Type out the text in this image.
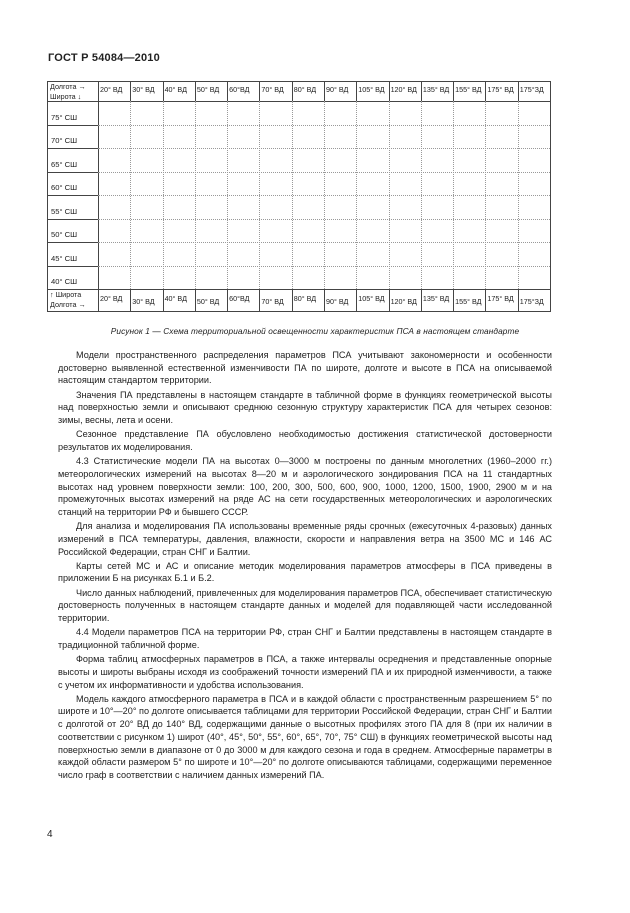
ГОСТ Р 54084—2010
20° ВД
20° ВД
30° ВД
30° ВД
40° ВД
40° ВД
50° ВД
50° ВД
60°ВД
60°ВД
70° ВД
70° ВД
80° ВД
80° ВД
90° ВД
90° ВД
105° ВД
105° ВД
120° ВД
120° ВД
135° ВД
135° ВД
155° ВД
155° ВД
175° ВД
175° ВД
175°ЗД
175°ЗД
Долгота →
Широта ↓
↑ Широта
Долгота →
75° СШ
70° СШ
65° СШ
60° СШ
55° СШ
50° СШ
45° СШ
40° СШ
Рисунок 1 — Схема территориальной освещенности характеристик ПСА в настоящем стандарте

Модели пространственного распределения параметров ПСА учитывают закономерности и особенности достоверно выявленной естественной изменчивости ПА по широте, долготе и высоте в ПСА на описываемой настоящим стандартом территории.

Значения ПА представлены в настоящем стандарте в табличной форме в функциях геометрической высоты над поверхностью земли и описывают среднюю сезонную структуру характеристик ПСА для четырех сезонов: зимы, весны, лета и осени.

Сезонное представление ПА обусловлено необходимостью достижения статистической достоверности результатов их моделирования.

4.3 Статистические модели ПА на высотах 0—3000 м построены по данным многолетних (1960–2000 гг.) метеорологических измерений на высотах 8—20 м и аэрологического зондирования ПСА на 11 стандартных высотах над уровнем поверхности земли: 100, 200, 300, 500, 600, 900, 1000, 1200, 1500, 1900, 2900 м и на промежуточных высотах измерений на ряде АС на сети государственных метеорологических и аэрологических станций на территории РФ и бывшего СССР.

Для анализа и моделирования ПА использованы временные ряды срочных (ежесуточных 4-разовых) данных измерений в ПСА температуры, давления, влажности, скорости и направления ветра на 3500 МС и 146 АС Российской Федерации, стран СНГ и Балтии.

Карты сетей МС и АС и описание методик моделирования параметров атмосферы в ПСА приведены в приложении Б на рисунках Б.1 и Б.2.

Число данных наблюдений, привлеченных для моделирования параметров ПСА, обеспечивает статистическую достоверность полученных в настоящем стандарте данных и моделей для подавляющей части исследованной территории.

4.4 Модели параметров ПСА на территории РФ, стран СНГ и Балтии представлены в настоящем стандарте в традиционной табличной форме.

Форма таблиц атмосферных параметров в ПСА, а также интервалы осреднения и представленные опорные высоты и широты выбраны исходя из соображений точности измерений ПА и их природной изменчивости, а также с учетом их информативности и удобства использования.

Модель каждого атмосферного параметра в ПСА и в каждой области с пространственным разрешением 5° по широте и 10°—20° по долготе описывается таблицами для территории Российской Федерации, стран СНГ и Балтии с долготой от 20° ВД до 140° ВД, содержащими данные о высотных профилях этого ПА для 8 (при их наличии в соответствии с рисунком 1) широт (40°, 45°, 50°, 55°, 60°, 65°, 70°, 75° СШ) в функциях геометрической высоты над поверхностью земли в диапазоне от 0 до 3000 м для каждого сезона и года в среднем. Атмосферные параметры в каждой области размером 5° по широте и 10°—20° по долготе описываются таблицами, содержащими переменное число граф в соответствии с наличием данных измерений ПА.

4
